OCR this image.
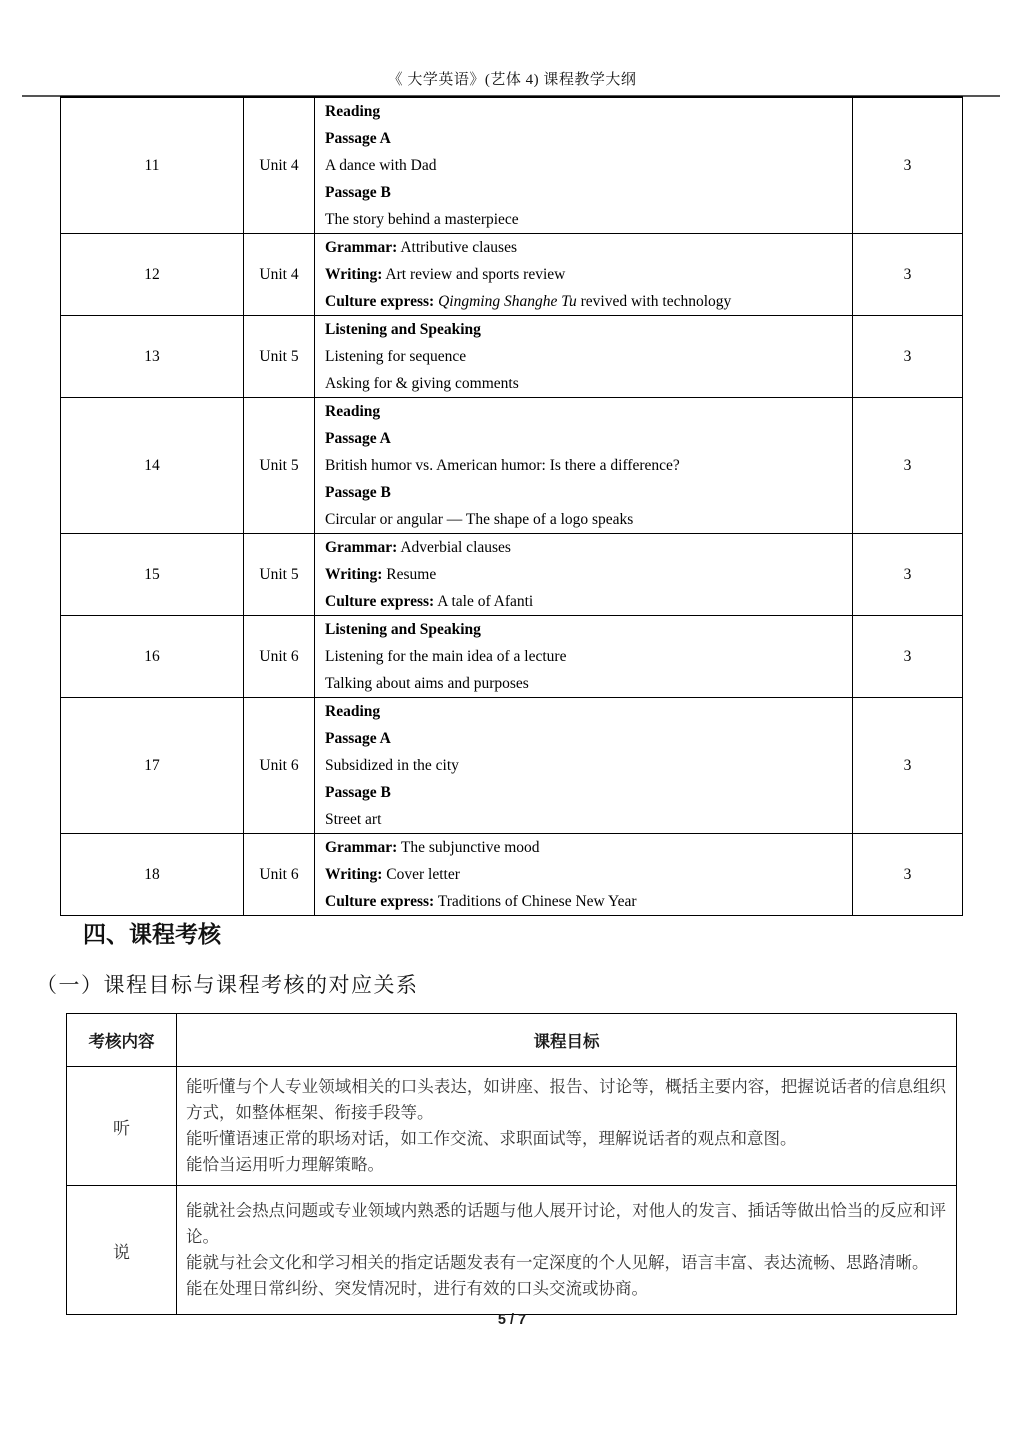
《 大学英语》(艺体 4) 课程教学大纲
11	Unit 4	Reading
Passage A
A dance with Dad
Passage B
The story behind a masterpiece	3
12	Unit 4	Grammar: Attributive clauses
Writing: Art review and sports review
Culture express: Qingming Shanghe Tu revived with technology	3
13	Unit 5	Listening and Speaking
Listening for sequence
Asking for & giving comments	3
14	Unit 5	Reading
Passage A
British humor vs. American humor: Is there a difference?
Passage B
Circular or angular — The shape of a logo speaks	3
15	Unit 5	Grammar: Adverbial clauses
Writing: Resume
Culture express: A tale of Afanti	3
16	Unit 6	Listening and Speaking
Listening for the main idea of a lecture
Talking about aims and purposes	3
17	Unit 6	Reading
Passage A
Subsidized in the city
Passage B
Street art	3
18	Unit 6	Grammar: The subjunctive mood
Writing: Cover letter
Culture express: Traditions of Chinese New Year	3
四、课程考核
（一）课程目标与课程考核的对应关系
考核内容	课程目标
听	能听懂与个人专业领域相关的口头表达，如讲座、报告、讨论等，概括主要内容，把握说话者的信息组织方式，如整体框架、衔接手段等。
能听懂语速正常的职场对话，如工作交流、求职面试等，理解说话者的观点和意图。
能恰当运用听力理解策略。

说	能就社会热点问题或专业领域内熟悉的话题与他人展开讨论，对他人的发言、插话等做出恰当的反应和评论。
能就与社会文化和学习相关的指定话题发表有一定深度的个人见解，语言丰富、表达流畅、思路清晰。
能在处理日常纠纷、突发情况时，进行有效的口头交流或协商。
5 / 7
